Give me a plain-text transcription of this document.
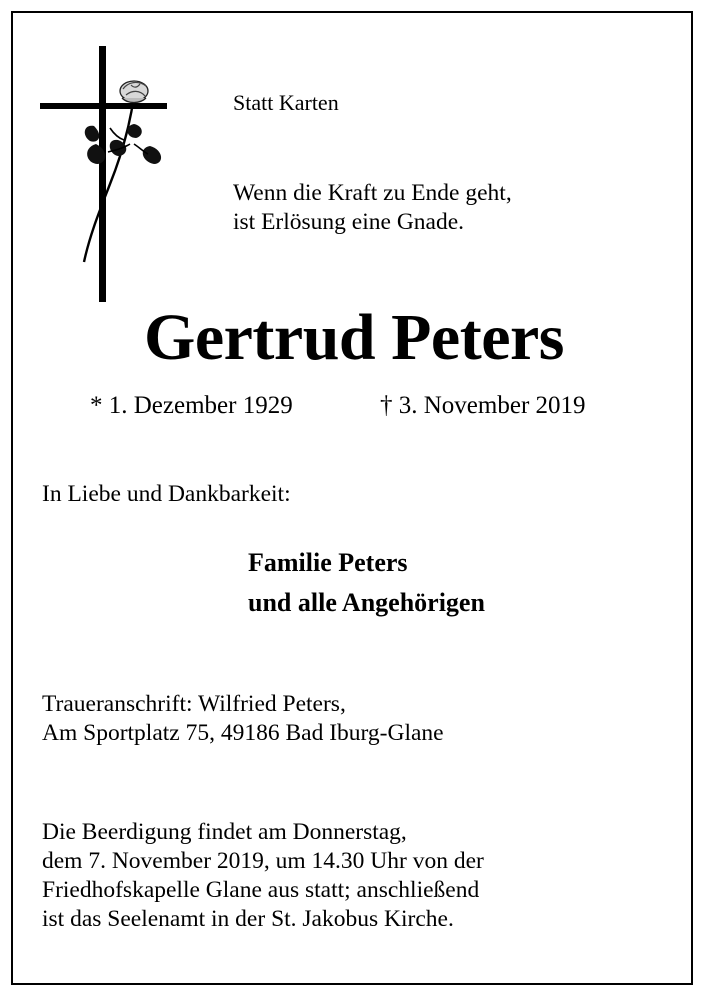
Statt Karten
Wenn die Kraft zu Ende geht,
ist Erlösung eine Gnade.
Gertrud Peters
* 1. Dezember 1929	† 3. November 2019
In Liebe und Dankbarkeit:
Familie Peters
und alle Angehörigen
Traueranschrift: Wilfried Peters,
Am Sportplatz 75, 49186 Bad Iburg-Glane
Die Beerdigung findet am Donnerstag,
dem 7. November 2019, um 14.30 Uhr von der
Friedhofskapelle Glane aus statt; anschließend
ist das Seelenamt in der St. Jakobus Kirche.
